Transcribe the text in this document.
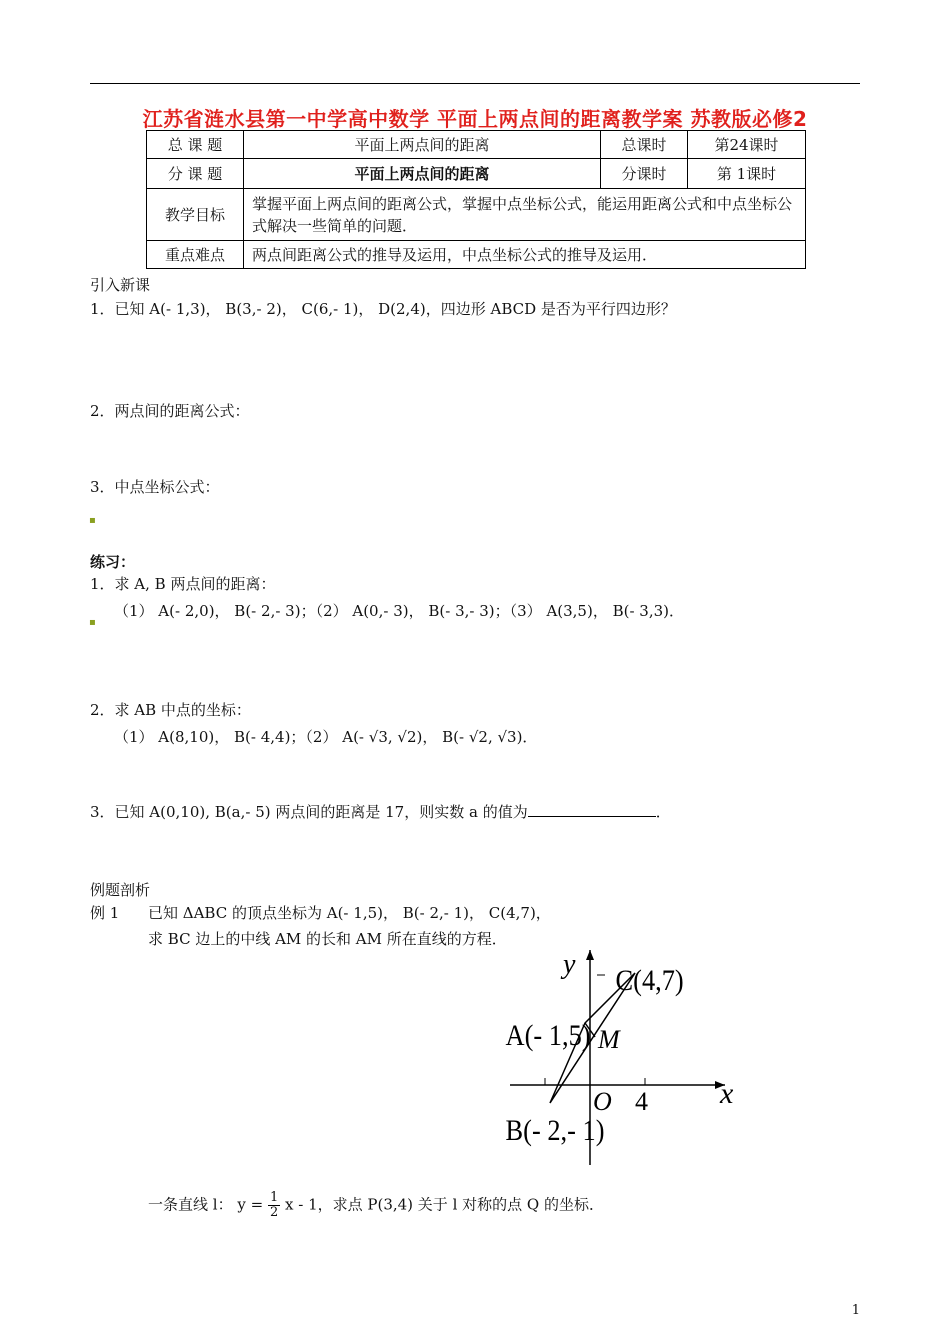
江苏省涟水县第一中学高中数学 平面上两点间的距离教学案 苏教版必修2
总 课 题	平面上两点间的距离	总课时	第24课时
分 课 题	平面上两点间的距离	分课时	第 1课时
教学目标	掌握平面上两点间的距离公式，掌握中点坐标公式，能运用距离公式和中点坐标公式解决一些简单的问题．		
重点难点	两点间距离公式的推导及运用，中点坐标公式的推导及运用．		
引入新课
1．已知 A(- 1,3)， B(3,- 2)， C(6,- 1)， D(2,4)，四边形 ABCD 是否为平行四边形？
2．两点间的距离公式：
3．中点坐标公式：
▪
练习：
1．求 A, B 两点间的距离：
（1） A(- 2,0)， B(- 2,- 3)；（2） A(0,- 3)， B(- 3,- 3)；（3） A(3,5)， B(- 3,3)．
▪
2．求 AB 中点的坐标：
（1） A(8,10)， B(- 4,4)；（2） A(- √3, √2)， B(- √2, √3)．
3．已知 A(0,10), B(a,- 5) 两点间的距离是 17，则实数 a 的值为	．
例题剖析
例 1 已知 ΔABC 的顶点坐标为 A(- 1,5)， B(- 2,- 1)， C(4,7)，
求 BC 边上的中线 AM 的长和 AM 所在直线的方程．
y
x
C(4,7)
A(- 1,5) M
O 4
B(- 2,- 1)
一条直线 l： $y = \frac{1}{2}$ x - 1，求点 P(3,4) 关于 l 对称的点 Q 的坐标．
1
